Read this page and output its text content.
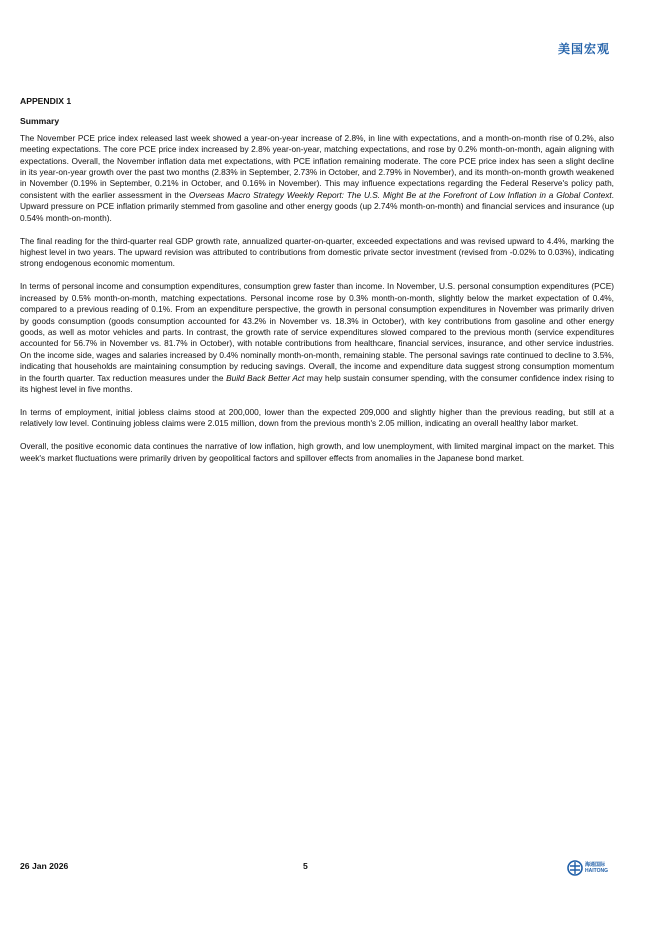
美国宏观
APPENDIX 1
Summary

The November PCE price index released last week showed a year-on-year increase of 2.8%, in line with expectations, and a month-on-month rise of 0.2%, also meeting expectations. The core PCE price index increased by 2.8% year-on-year, matching expectations, and rose by 0.2% month-on-month, again aligning with expectations. Overall, the November inflation data met expectations, with PCE inflation remaining moderate. The core PCE price index has seen a slight decline in its year-on-year growth over the past two months (2.83% in September, 2.73% in October, and 2.79% in November), and its month-on-month growth weakened in November (0.19% in September, 0.21% in October, and 0.16% in November). This may influence expectations regarding the Federal Reserve's policy path, consistent with the earlier assessment in the Overseas Macro Strategy Weekly Report: The U.S. Might Be at the Forefront of Low Inflation in a Global Context. Upward pressure on PCE inflation primarily stemmed from gasoline and other energy goods (up 2.74% month-on-month) and financial services and insurance (up 0.54% month-on-month).

The final reading for the third-quarter real GDP growth rate, annualized quarter-on-quarter, exceeded expectations and was revised upward to 4.4%, marking the highest level in two years. The upward revision was attributed to contributions from domestic private sector investment (revised from -0.02% to 0.03%), indicating strong endogenous economic momentum.

In terms of personal income and consumption expenditures, consumption grew faster than income. In November, U.S. personal consumption expenditures (PCE) increased by 0.5% month-on-month, matching expectations. Personal income rose by 0.3% month-on-month, slightly below the market expectation of 0.4%, compared to a previous reading of 0.1%. From an expenditure perspective, the growth in personal consumption expenditures in November was primarily driven by goods consumption (goods consumption accounted for 43.2% in November vs. 18.3% in October), with key contributions from gasoline and other energy goods, as well as motor vehicles and parts. In contrast, the growth rate of service expenditures slowed compared to the previous month (service expenditures accounted for 56.7% in November vs. 81.7% in October), with notable contributions from healthcare, financial services, insurance, and other service industries. On the income side, wages and salaries increased by 0.4% nominally month-on-month, remaining stable. The personal savings rate continued to decline to 3.5%, indicating that households are maintaining consumption by reducing savings. Overall, the income and expenditure data suggest strong consumption momentum in the fourth quarter. Tax reduction measures under the Build Back Better Act may help sustain consumer spending, with the consumer confidence index rising to its highest level in five months.

In terms of employment, initial jobless claims stood at 200,000, lower than the expected 209,000 and slightly higher than the previous reading, but still at a relatively low level. Continuing jobless claims were 2.015 million, down from the previous month's 2.05 million, indicating an overall healthy labor market.

Overall, the positive economic data continues the narrative of low inflation, high growth, and low unemployment, with limited marginal impact on the market. This week's market fluctuations were primarily driven by geopolitical factors and spillover effects from anomalies in the Japanese bond market.

26 Jan 2026	5	海通国际
HAITONG
